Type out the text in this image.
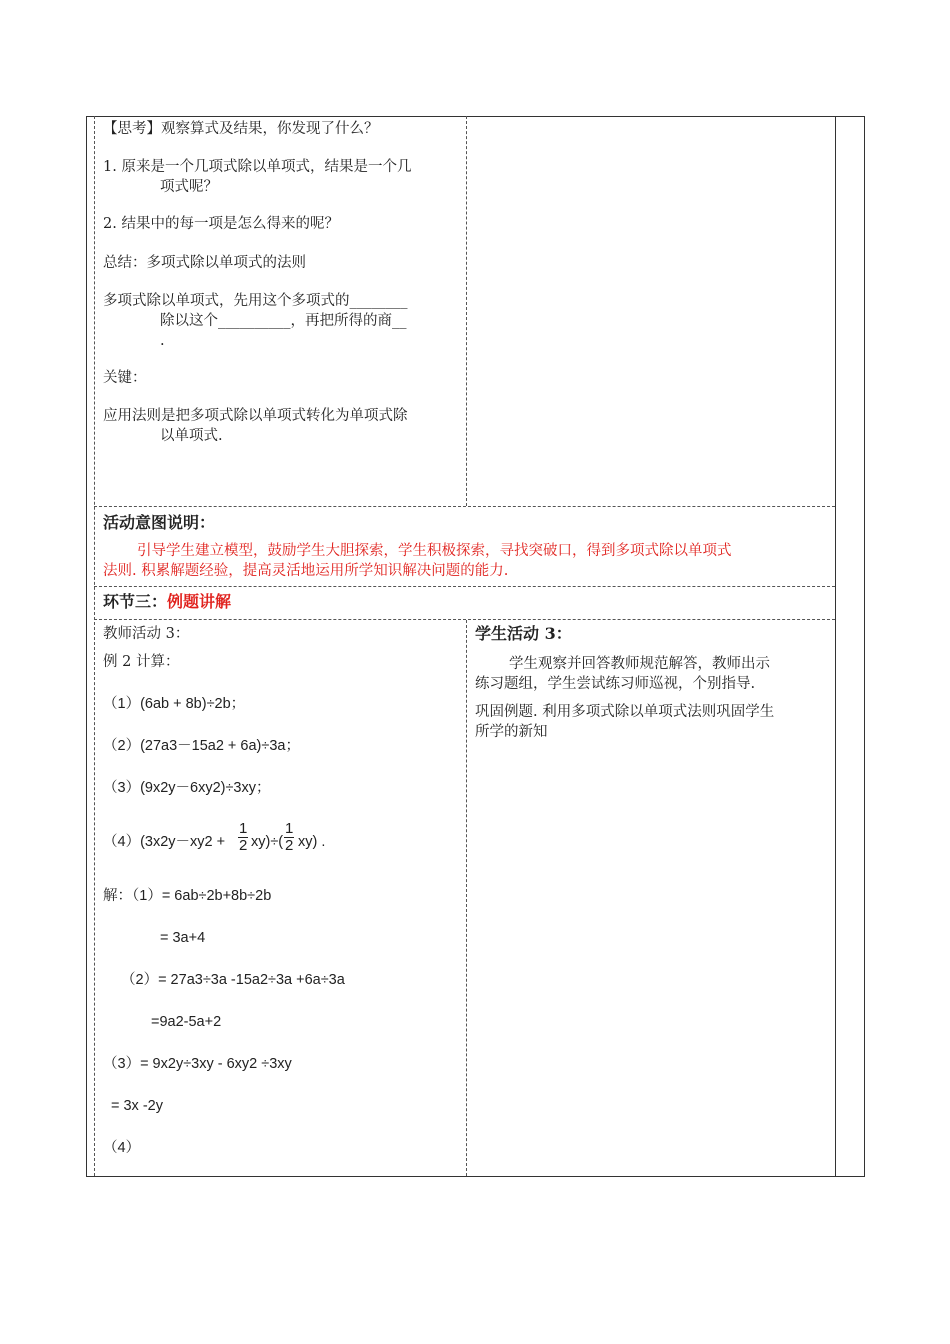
【思考】观察算式及结果，你发现了什么？
1. 原来是一个几项式除以单项式，结果是一个几
项式呢？
2. 结果中的每一项是怎么得来的呢？
总结：多项式除以单项式的法则
多项式除以单项式，先用这个多项式的________
除以这个__________，再把所得的商__
.
关键：
应用法则是把多项式除以单项式转化为单项式除
以单项式.
活动意图说明：
引导学生建立模型，鼓励学生大胆探索，学生积极探索，寻找突破口，得到多项式除以单项式
法则. 积累解题经验，提高灵活地运用所学知识解决问题的能力.
环节三：例题讲解
教师活动 3：
例 2 计算：
（1）(6ab + 8b)÷2b；
（2）(27a3－15a2 + 6a)÷3a；
（3）(9x2y－6xy2)÷3xy；
$(4)(3x2y-xy2 + \frac{1}{2} xy)\div( \frac{1}{2} xy)$ .
解：（1）= 6ab÷2b+8b÷2b
= 3a+4
（2）= 27a3÷3a -15a2÷3a +6a÷3a
=9a2-5a+2
（3）= 9x2y÷3xy - 6xy2 ÷3xy
= 3x -2y
（4）
学生活动 3：
学生观察并回答教师规范解答，教师出示
练习题组，学生尝试练习师巡视，个别指导.
巩固例题. 利用多项式除以单项式法则巩固学生
所学的新知
